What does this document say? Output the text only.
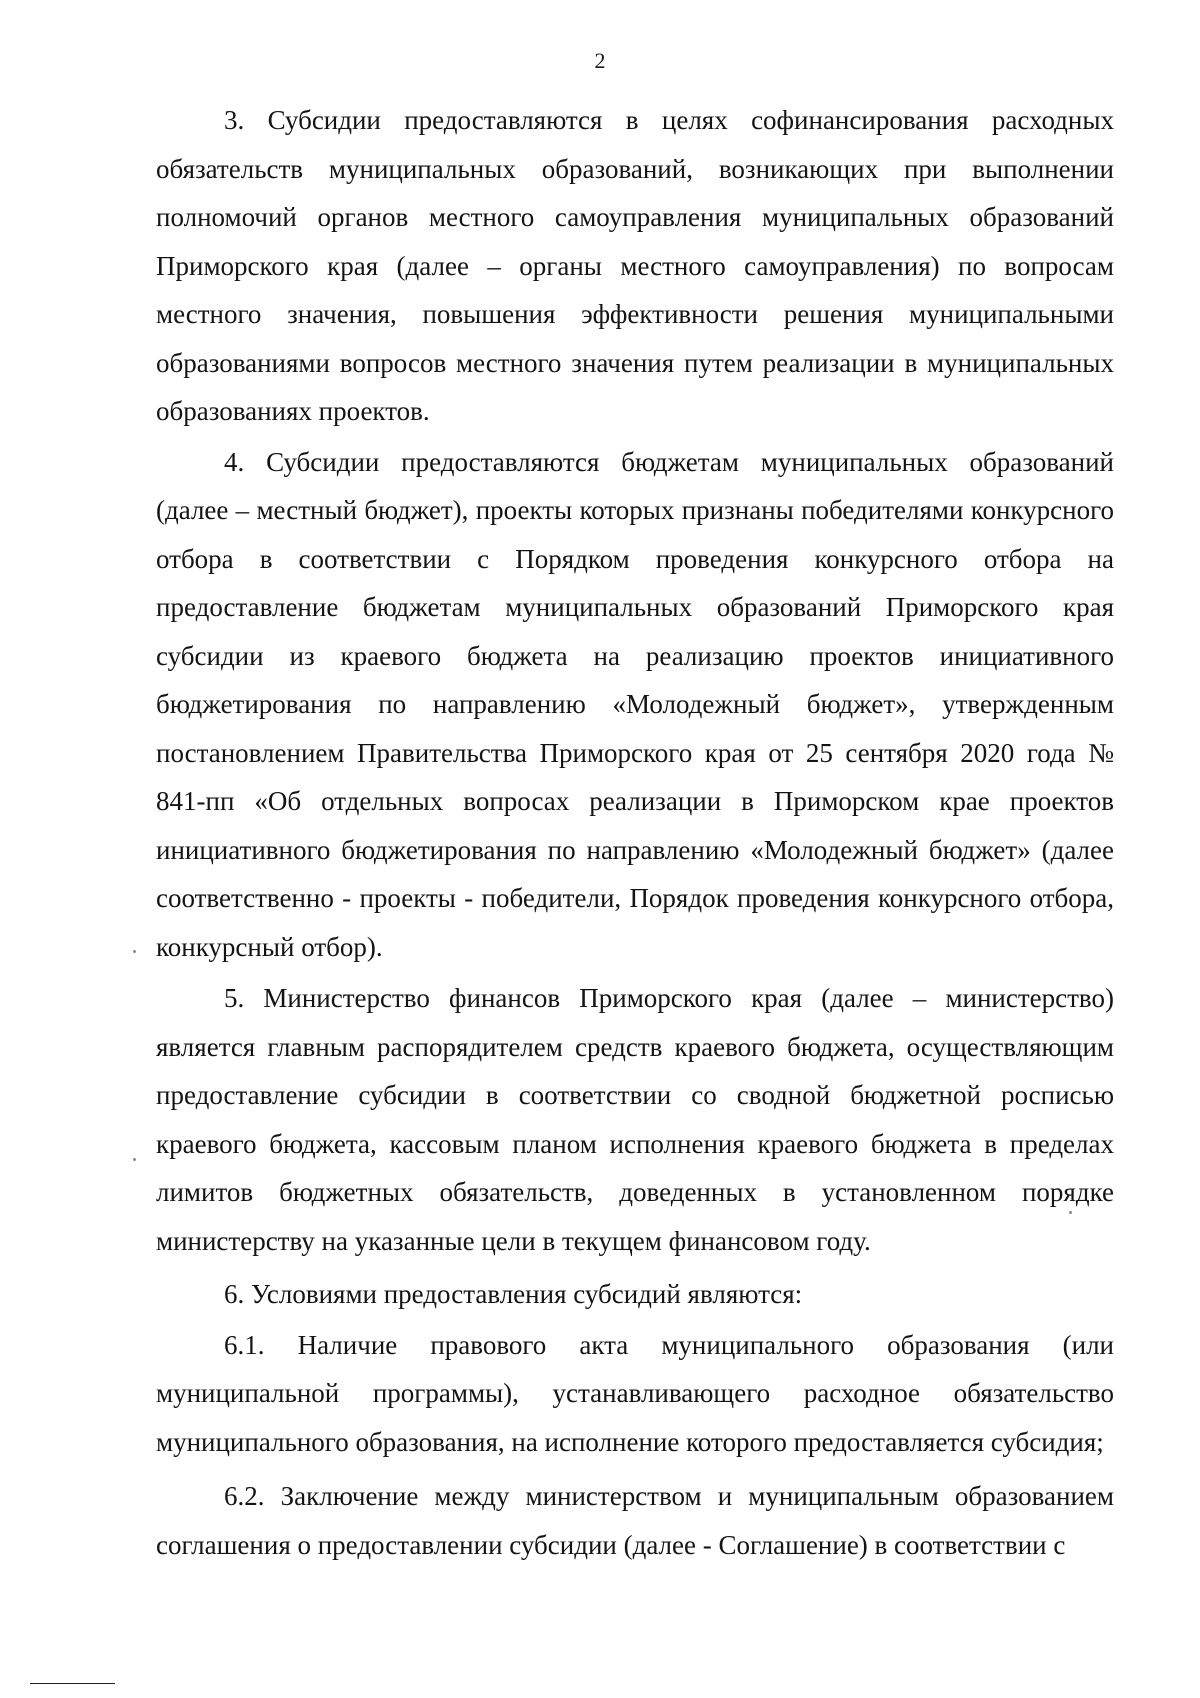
2

3. Субсидии предоставляются в целях софинансирования расходных обязательств муниципальных образований, возникающих при выполнении полномочий органов местного самоуправления муниципальных образований Приморского края (далее – органы местного самоуправления) по вопросам местного значения, повышения эффективности решения муниципальными образованиями вопросов местного значения путем реализации в муниципальных образованиях проектов.

4. Субсидии предоставляются бюджетам муниципальных образований (далее – местный бюджет), проекты которых признаны победителями конкурсного отбора в соответствии с Порядком проведения конкурсного отбора на предоставление бюджетам муниципальных образований Приморского края субсидии из краевого бюджета на реализацию проектов инициативного бюджетирования по направлению «Молодежный бюджет», утвержденным постановлением Правительства Приморского края от 25 сентября 2020 года № 841-пп «Об отдельных вопросах реализации в Приморском крае проектов инициативного бюджетирования по направлению «Молодежный бюджет» (далее соответственно - проекты - победители, Порядок проведения конкурсного отбора, конкурсный отбор).

5. Министерство финансов Приморского края (далее – министерство) является главным распорядителем средств краевого бюджета, осуществляющим предоставление субсидии в соответствии со сводной бюджетной росписью краевого бюджета, кассовым планом исполнения краевого бюджета в пределах лимитов бюджетных обязательств, доведенных в установленном порядке министерству на указанные цели в текущем финансовом году.

6. Условиями предоставления субсидий являются:

6.1. Наличие правового акта муниципального образования (или муниципальной программы), устанавливающего расходное обязательство муниципального образования, на исполнение которого предоставляется субсидия;

6.2. Заключение между министерством и муниципальным образованием соглашения о предоставлении субсидии (далее - Соглашение) в соответствии с
